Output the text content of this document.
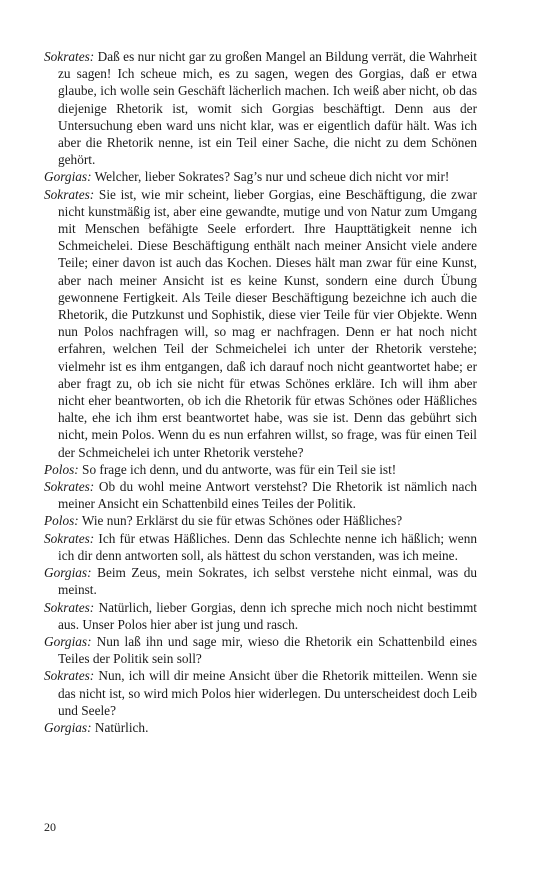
Sokrates: Daß es nur nicht gar zu großen Mangel an Bildung verrät, die Wahrheit zu sagen! Ich scheue mich, es zu sagen, wegen des Gorgias, daß er etwa glaube, ich wolle sein Geschäft lächerlich machen. Ich weiß aber nicht, ob das diejenige Rhetorik ist, womit sich Gorgias beschäftigt. Denn aus der Untersuchung eben ward uns nicht klar, was er eigentlich dafür hält. Was ich aber die Rhetorik nenne, ist ein Teil einer Sache, die nicht zu dem Schönen gehört.

Gorgias: Welcher, lieber Sokrates? Sag’s nur und scheue dich nicht vor mir!

Sokrates: Sie ist, wie mir scheint, lieber Gorgias, eine Beschäftigung, die zwar nicht kunstmäßig ist, aber eine gewandte, mutige und von Natur zum Umgang mit Menschen befähigte Seele erfordert. Ihre Haupttätigkeit nenne ich Schmeichelei. Diese Beschäftigung enthält nach meiner Ansicht viele andere Teile; einer davon ist auch das Kochen. Dieses hält man zwar für eine Kunst, aber nach meiner Ansicht ist es keine Kunst, sondern eine durch Übung gewonnene Fertigkeit. Als Teile dieser Beschäftigung bezeichne ich auch die Rhetorik, die Putzkunst und Sophistik, diese vier Teile für vier Objekte. Wenn nun Polos nachfragen will, so mag er nachfragen. Denn er hat noch nicht erfahren, welchen Teil der Schmeichelei ich unter der Rhetorik verstehe; vielmehr ist es ihm entgangen, daß ich darauf noch nicht geantwortet habe; er aber fragt zu, ob ich sie nicht für etwas Schönes erkläre. Ich will ihm aber nicht eher beantworten, ob ich die Rhetorik für etwas Schönes oder Häßliches halte, ehe ich ihm erst beantwortet habe, was sie ist. Denn das gebührt sich nicht, mein Polos. Wenn du es nun erfahren willst, so frage, was für einen Teil der Schmeichelei ich unter Rhetorik verstehe?

Polos: So frage ich denn, und du antworte, was für ein Teil sie ist!

Sokrates: Ob du wohl meine Antwort verstehst? Die Rhetorik ist nämlich nach meiner Ansicht ein Schattenbild eines Teiles der Politik.

Polos: Wie nun? Erklärst du sie für etwas Schönes oder Häßliches?

Sokrates: Ich für etwas Häßliches. Denn das Schlechte nenne ich häßlich; wenn ich dir denn antworten soll, als hättest du schon verstanden, was ich meine.

Gorgias: Beim Zeus, mein Sokrates, ich selbst verstehe nicht einmal, was du meinst.

Sokrates: Natürlich, lieber Gorgias, denn ich spreche mich noch nicht bestimmt aus. Unser Polos hier aber ist jung und rasch.

Gorgias: Nun laß ihn und sage mir, wieso die Rhetorik ein Schattenbild eines Teiles der Politik sein soll?

Sokrates: Nun, ich will dir meine Ansicht über die Rhetorik mitteilen. Wenn sie das nicht ist, so wird mich Polos hier widerlegen. Du unterscheidest doch Leib und Seele?

Gorgias: Natürlich.

20
